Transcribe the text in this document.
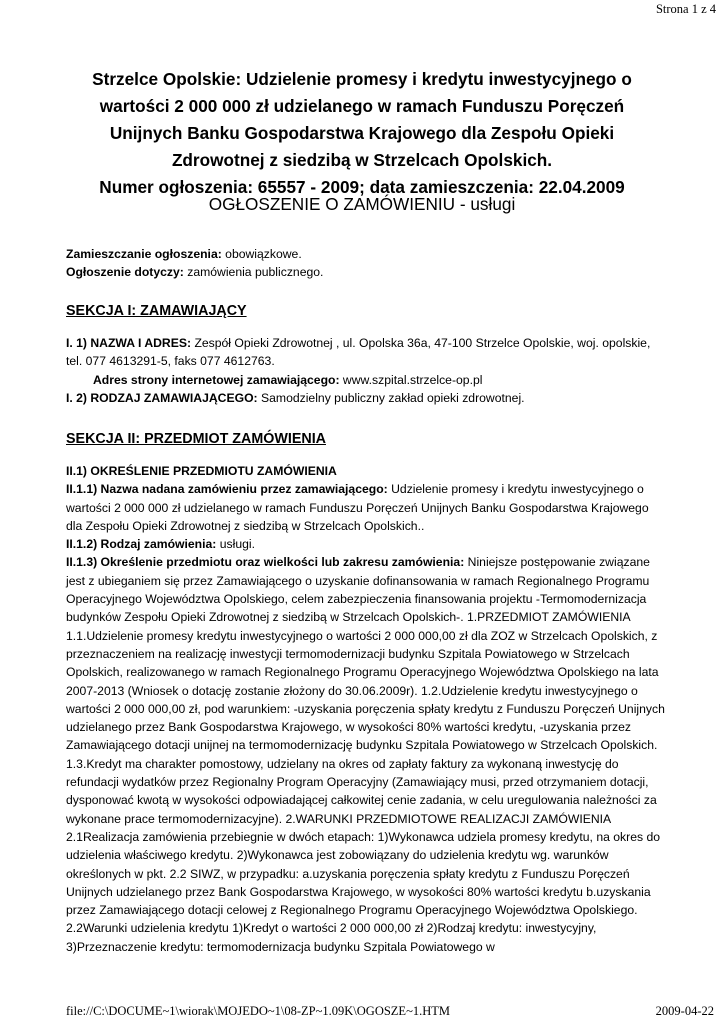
Strona 1 z 4
Strzelce Opolskie: Udzielenie promesy i kredytu inwestycyjnego o
wartości 2 000 000 zł udzielanego w ramach Funduszu Poręczeń
Unijnych Banku Gospodarstwa Krajowego dla Zespołu Opieki
Zdrowotnej z siedzibą w Strzelcach Opolskich.
Numer ogłoszenia: 65557 - 2009; data zamieszczenia: 22.04.2009
OGŁOSZENIE O ZAMÓWIENIU - usługi
Zamieszczanie ogłoszenia: obowiązkowe.
Ogłoszenie dotyczy: zamówienia publicznego.
SEKCJA I: ZAMAWIAJĄCY

I. 1) NAZWA I ADRES: Zespół Opieki Zdrowotnej , ul. Opolska 36a, 47-100 Strzelce Opolskie, woj. opolskie, tel. 077 4613291-5, faks 077 4612763.

Adres strony internetowej zamawiającego: www.szpital.strzelce-op.pl

I. 2) RODZAJ ZAMAWIAJĄCEGO: Samodzielny publiczny zakład opieki zdrowotnej.

SEKCJA II: PRZEDMIOT ZAMÓWIENIA

II.1) OKREŚLENIE PRZEDMIOTU ZAMÓWIENIA

II.1.1) Nazwa nadana zamówieniu przez zamawiającego: Udzielenie promesy i kredytu inwestycyjnego o wartości 2 000 000 zł udzielanego w ramach Funduszu Poręczeń Unijnych Banku Gospodarstwa Krajowego dla Zespołu Opieki Zdrowotnej z siedzibą w Strzelcach Opolskich..

II.1.2) Rodzaj zamówienia: usługi.

II.1.3) Określenie przedmiotu oraz wielkości lub zakresu zamówienia: Niniejsze postępowanie związane jest z ubieganiem się przez Zamawiającego o uzyskanie dofinansowania w ramach Regionalnego Programu Operacyjnego Województwa Opolskiego, celem zabezpieczenia finansowania projektu -Termomodernizacja budynków Zespołu Opieki Zdrowotnej z siedzibą w Strzelcach Opolskich-. 1.PRZEDMIOT ZAMÓWIENIA 1.1.Udzielenie promesy kredytu inwestycyjnego o wartości 2 000 000,00 zł dla ZOZ w Strzelcach Opolskich, z przeznaczeniem na realizację inwestycji termomodernizacji budynku Szpitala Powiatowego w Strzelcach Opolskich, realizowanego w ramach Regionalnego Programu Operacyjnego Województwa Opolskiego na lata 2007-2013 (Wniosek o dotację zostanie złożony do 30.06.2009r). 1.2.Udzielenie kredytu inwestycyjnego o wartości 2 000 000,00 zł, pod warunkiem: -uzyskania poręczenia spłaty kredytu z Funduszu Poręczeń Unijnych udzielanego przez Bank Gospodarstwa Krajowego, w wysokości 80% wartości kredytu, -uzyskania przez Zamawiającego dotacji unijnej na termomodernizację budynku Szpitala Powiatowego w Strzelcach Opolskich. 1.3.Kredyt ma charakter pomostowy, udzielany na okres od zapłaty faktury za wykonaną inwestycję do refundacji wydatków przez Regionalny Program Operacyjny (Zamawiający musi, przed otrzymaniem dotacji, dysponować kwotą w wysokości odpowiadającej całkowitej cenie zadania, w celu uregulowania należności za wykonane prace termomodernizacyjne). 2.WARUNKI PRZEDMIOTOWE REALIZACJI ZAMÓWIENIA 2.1Realizacja zamówienia przebiegnie w dwóch etapach: 1)Wykonawca udziela promesy kredytu, na okres do udzielenia właściwego kredytu. 2)Wykonawca jest zobowiązany do udzielenia kredytu wg. warunków określonych w pkt. 2.2 SIWZ, w przypadku: a.uzyskania poręczenia spłaty kredytu z Funduszu Poręczeń Unijnych udzielanego przez Bank Gospodarstwa Krajowego, w wysokości 80% wartości kredytu b.uzyskania przez Zamawiającego dotacji celowej z Regionalnego Programu Operacyjnego Województwa Opolskiego. 2.2Warunki udzielenia kredytu 1)Kredyt o wartości 2 000 000,00 zł 2)Rodzaj kredytu: inwestycyjny, 3)Przeznaczenie kredytu: termomodernizacja budynku Szpitala Powiatowego w

file://C:\DOCUME~1\wiorak\MOJEDO~1\08-ZP~1.09K\OGOSZE~1.HTM	2009-04-22
